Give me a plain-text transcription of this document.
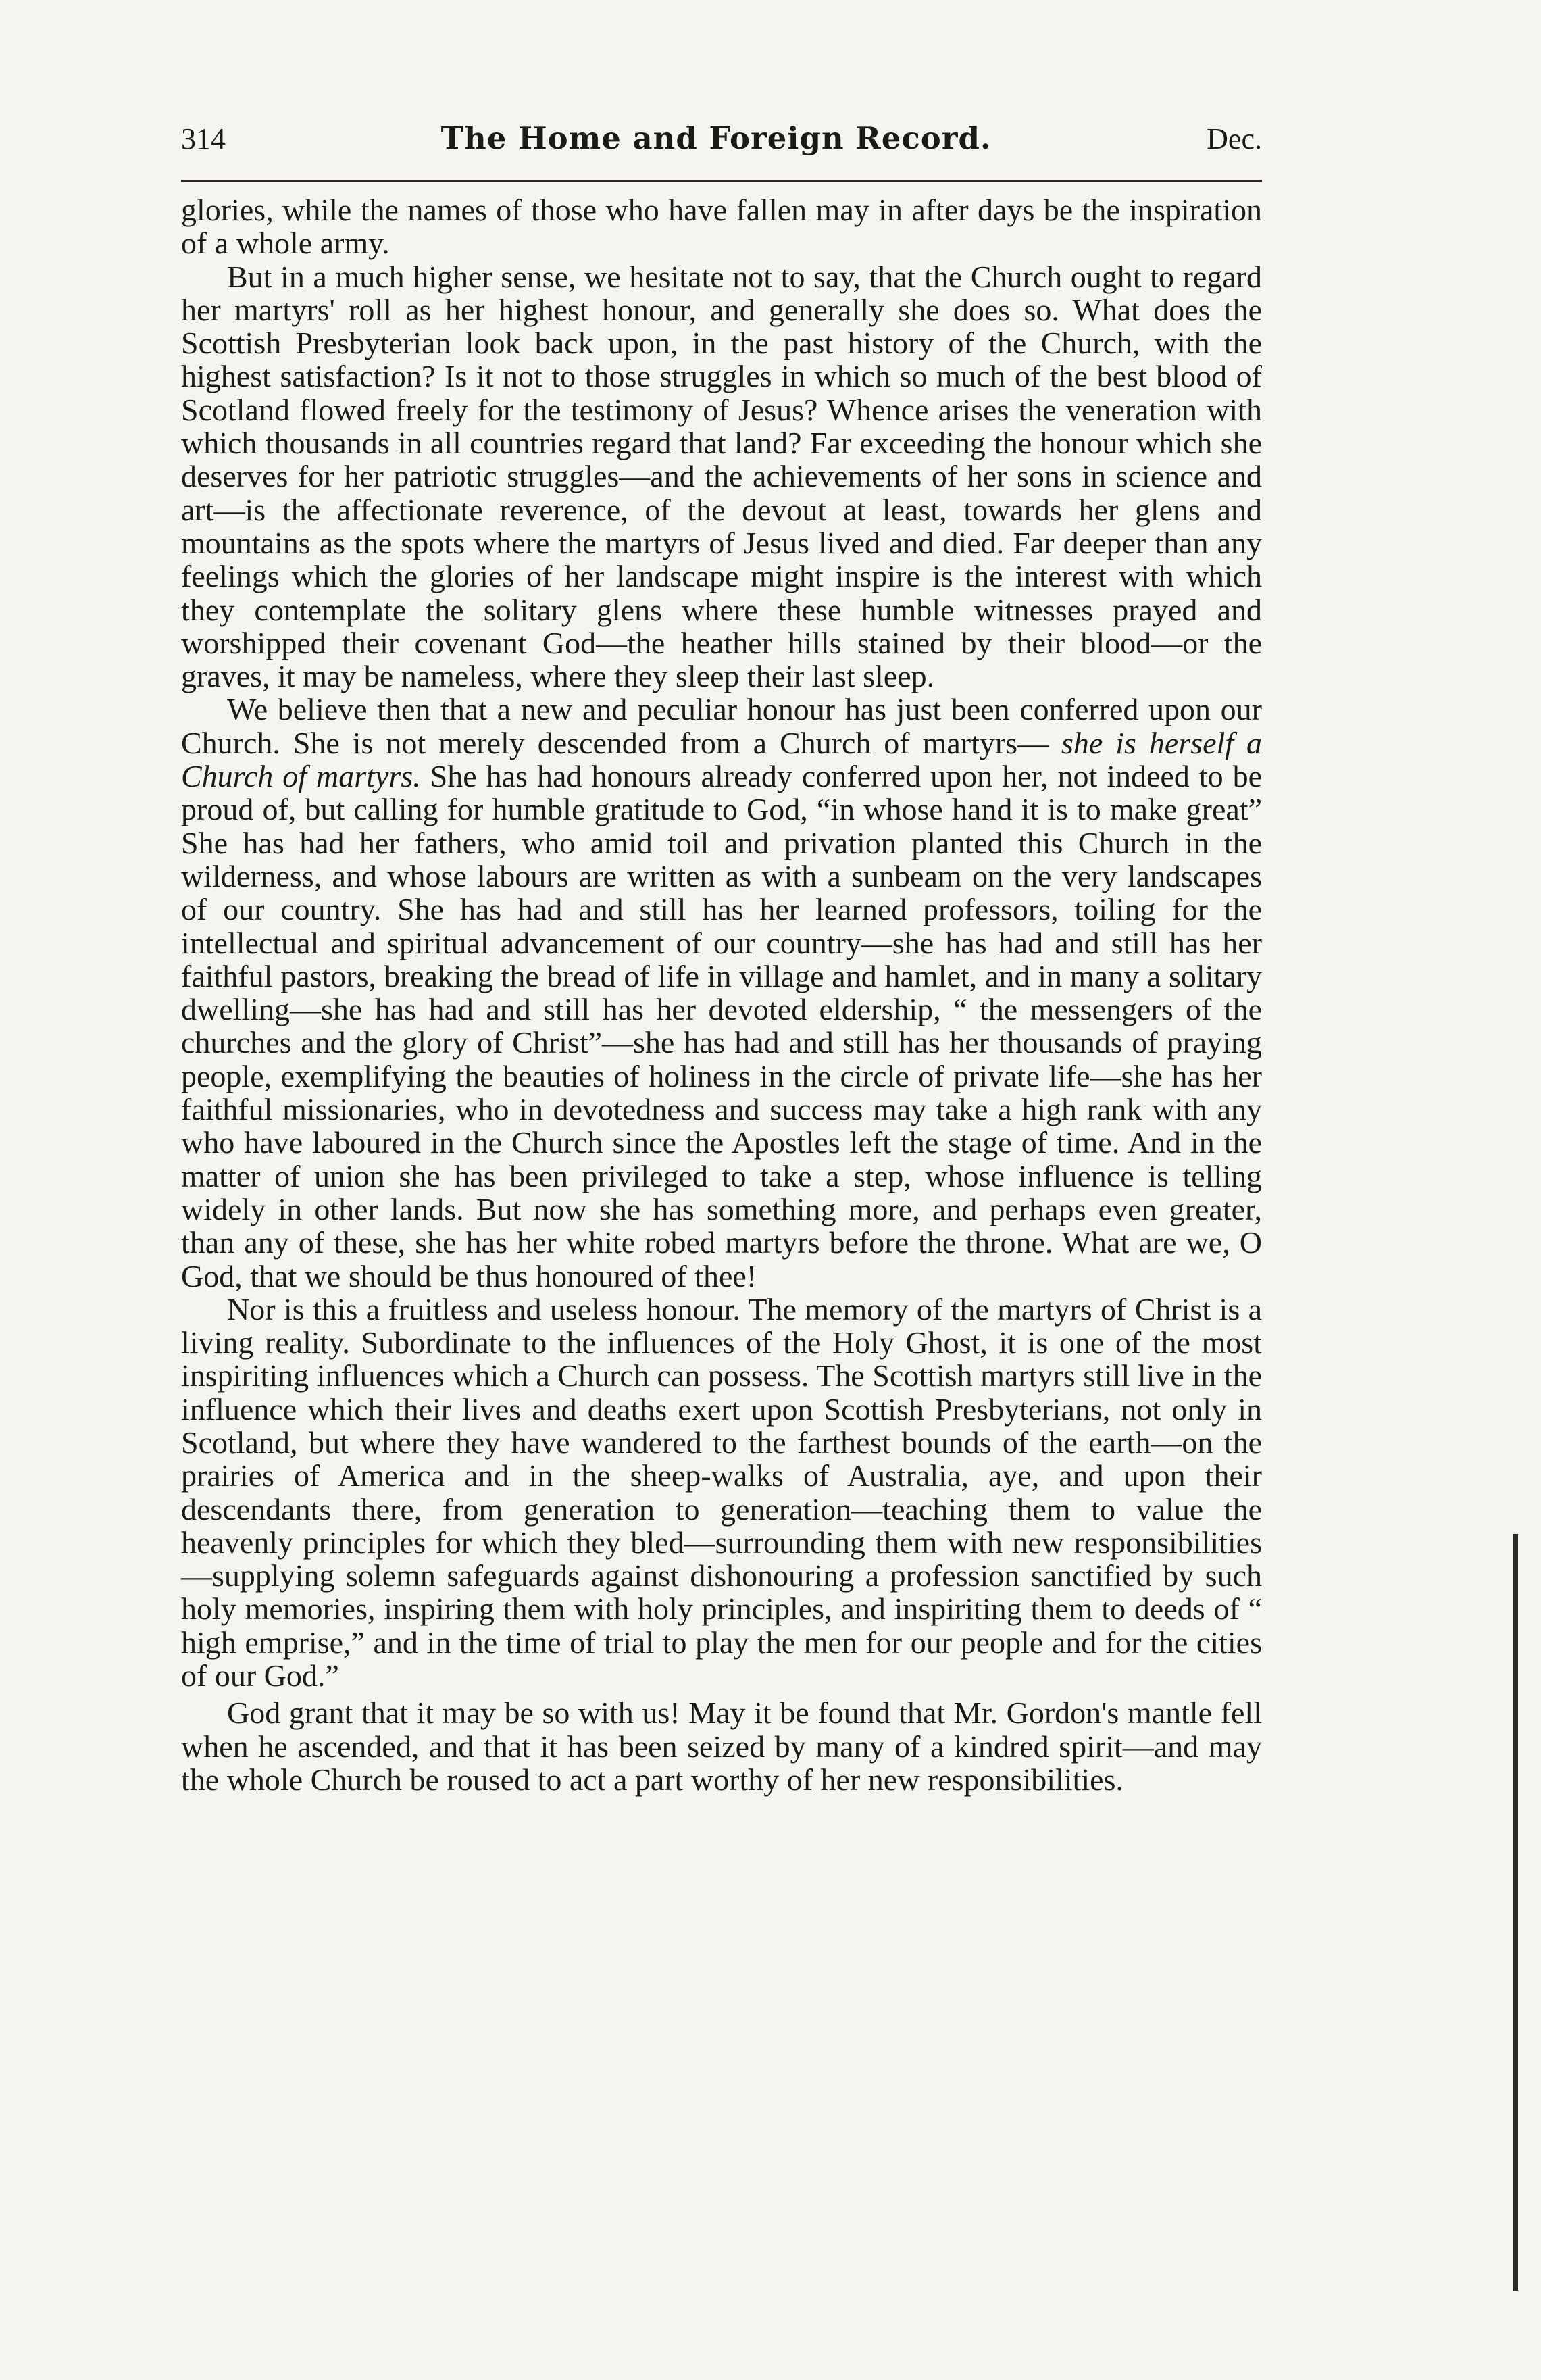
314	The Home and Foreign Record.	Dec.

glories, while the names of those who have fallen may in after days be the inspiration of a whole army.

But in a much higher sense, we hesitate not to say, that the Church ought to regard her martyrs' roll as her highest honour, and generally she does so. What does the Scottish Presbyterian look back upon, in the past history of the Church, with the highest satisfaction? Is it not to those struggles in which so much of the best blood of Scotland flowed freely for the testimony of Jesus? Whence arises the veneration with which thousands in all countries regard that land? Far exceeding the honour which she deserves for her patriotic struggles—and the achievements of her sons in science and art—is the affectionate reverence, of the devout at least, towards her glens and mountains as the spots where the martyrs of Jesus lived and died. Far deeper than any feelings which the glories of her landscape might inspire is the interest with which they contemplate the solitary glens where these humble witnesses prayed and worshipped their covenant God—the heather hills stained by their blood—or the graves, it may be nameless, where they sleep their last sleep.

We believe then that a new and peculiar honour has just been conferred upon our Church. She is not merely descended from a Church of martyrs— she is herself a Church of martyrs. She has had honours already conferred upon her, not indeed to be proud of, but calling for humble gratitude to God, “in whose hand it is to make great” She has had her fathers, who amid toil and privation planted this Church in the wilderness, and whose labours are written as with a sunbeam on the very landscapes of our country. She has had and still has her learned professors, toiling for the intellectual and spiritual advancement of our country—she has had and still has her faithful pastors, breaking the bread of life in village and hamlet, and in many a solitary dwelling—she has had and still has her devoted eldership, “ the messengers of the churches and the glory of Christ”—she has had and still has her thousands of praying people, exemplifying the beauties of holiness in the circle of private life—she has her faithful missionaries, who in devotedness and success may take a high rank with any who have laboured in the Church since the Apostles left the stage of time. And in the matter of union she has been privileged to take a step, whose influence is telling widely in other lands. But now she has something more, and perhaps even greater, than any of these, she has her white robed martyrs before the throne. What are we, O God, that we should be thus honoured of thee!

Nor is this a fruitless and useless honour. The memory of the martyrs of Christ is a living reality. Subordinate to the influences of the Holy Ghost, it is one of the most inspiriting influences which a Church can possess. The Scottish martyrs still live in the influence which their lives and deaths exert upon Scottish Presbyterians, not only in Scotland, but where they have wandered to the farthest bounds of the earth—on the prairies of America and in the sheep-walks of Australia, aye, and upon their descendants there, from generation to generation—teaching them to value the heavenly principles for which they bled—surrounding them with new responsibilities—supplying solemn safeguards against dishonouring a profession sanctified by such holy memories, inspiring them with holy principles, and inspiriting them to deeds of “ high emprise,” and in the time of trial to play the men for our people and for the cities of our God.”

God grant that it may be so with us! May it be found that Mr. Gordon's mantle fell when he ascended, and that it has been seized by many of a kindred spirit—and may the whole Church be roused to act a part worthy of her new responsibilities.
